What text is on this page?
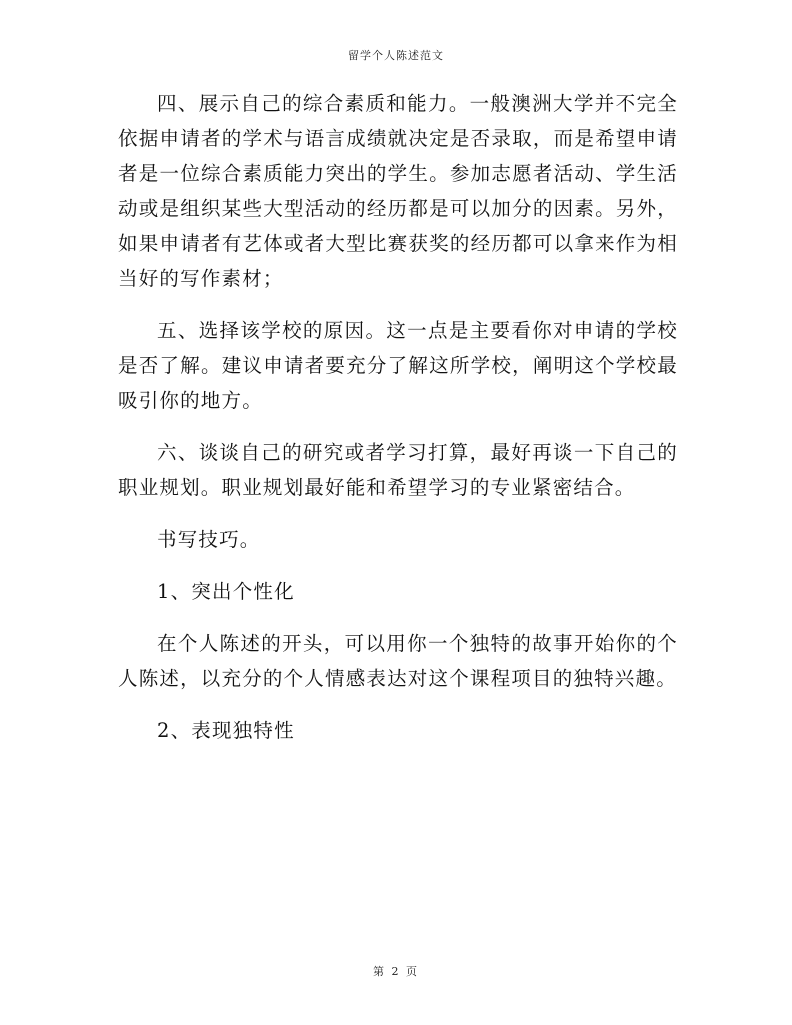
留学个人陈述范文

四、展示自己的综合素质和能力。一般澳洲大学并不完全依据申请者的学术与语言成绩就决定是否录取，而是希望申请者是一位综合素质能力突出的学生。参加志愿者活动、学生活动或是组织某些大型活动的经历都是可以加分的因素。另外，如果申请者有艺体或者大型比赛获奖的经历都可以拿来作为相当好的写作素材；

五、选择该学校的原因。这一点是主要看你对申请的学校是否了解。建议申请者要充分了解这所学校，阐明这个学校最吸引你的地方。

六、谈谈自己的研究或者学习打算，最好再谈一下自己的职业规划。职业规划最好能和希望学习的专业紧密结合。

书写技巧。

1、突出个性化

在个人陈述的开头，可以用你一个独特的故事开始你的个人陈述，以充分的个人情感表达对这个课程项目的独特兴趣。

2、表现独特性

第 2 页
